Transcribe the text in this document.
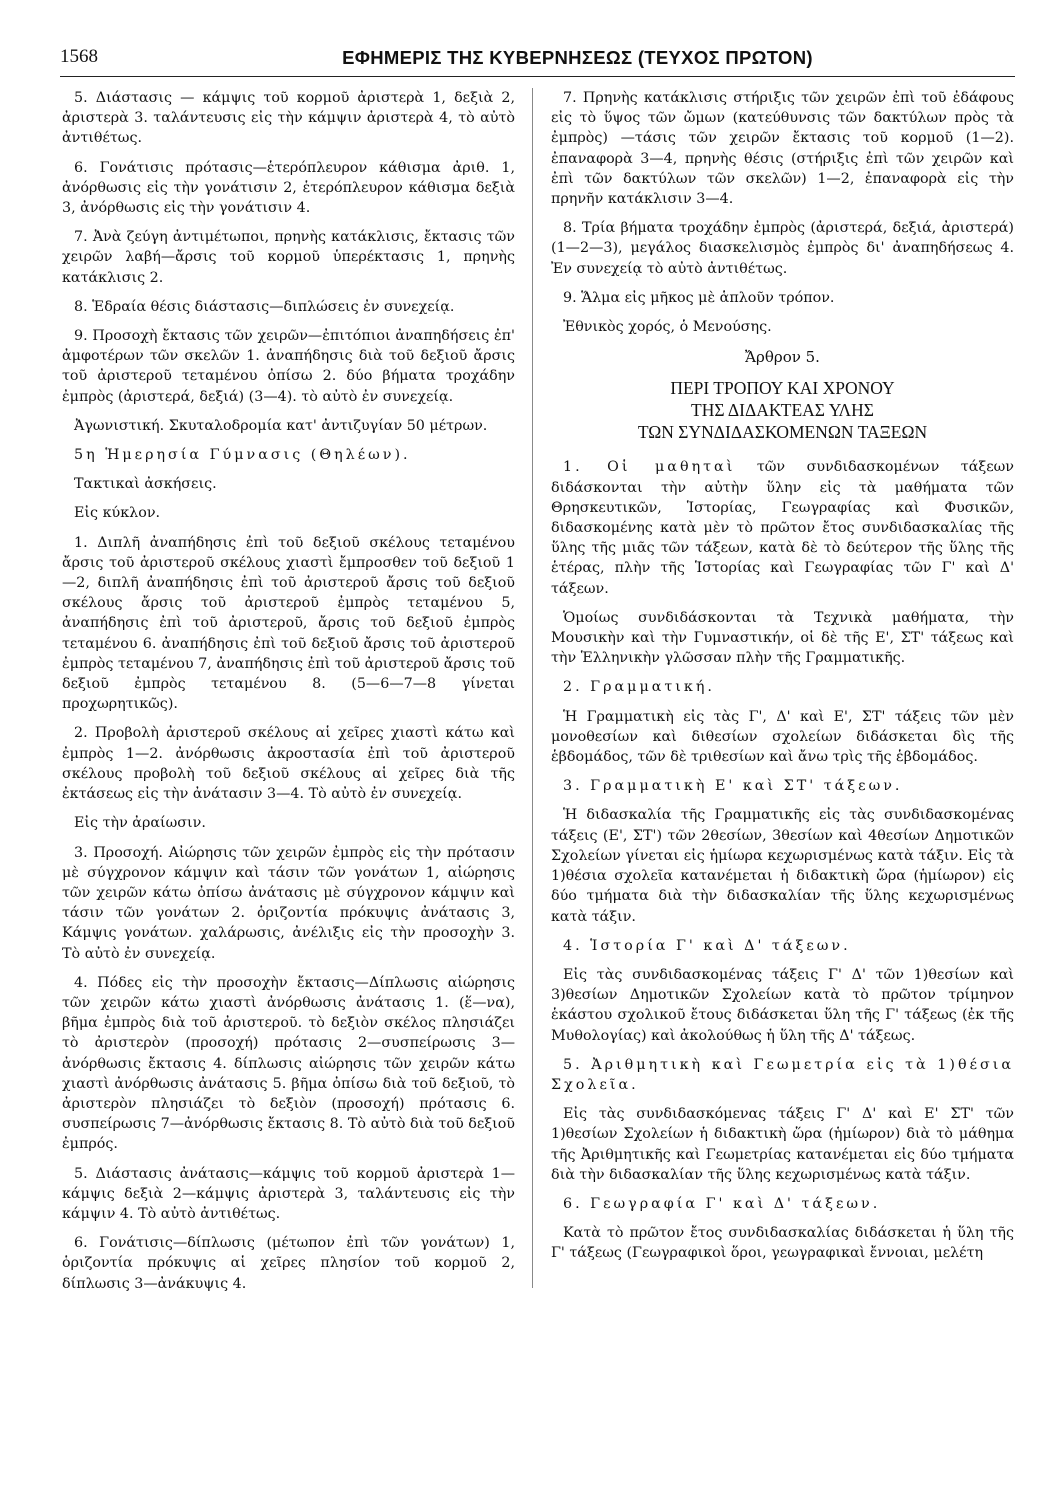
1568	ΕΦΗΜΕΡΙΣ ΤΗΣ ΚΥΒΕΡΝΗΣΕΩΣ (ΤΕΥΧΟΣ ΠΡΩΤΟΝ)

5. Διάστασις — κάμψις τοῦ κορμοῦ ἀριστερὰ 1, δεξιὰ 2, ἀριστερὰ 3. ταλάντευσις εἰς τὴν κάμψιν ἀριστερὰ 4, τὸ αὐτὸ ἀντιθέτως.

6. Γονάτισις πρότασις—ἑτερόπλευρον κάθισμα ἀριθ. 1, ἀνόρθωσις εἰς τὴν γονάτισιν 2, ἑτερόπλευρον κάθισμα δεξιὰ 3, ἀνόρθωσις εἰς τὴν γονάτισιν 4.

7. Ἀνὰ ζεύγη ἀντιμέτωποι, πρηνὴς κατάκλισις, ἔκτασις τῶν χειρῶν λαβή—ἄρσις τοῦ κορμοῦ ὑπερέκτασις 1, πρηνὴς κατάκλισις 2.

8. Ἑδραία θέσις διάστασις—διπλώσεις ἐν συνεχείᾳ.

9. Προσοχὴ ἔκτασις τῶν χειρῶν—ἐπιτόπιοι ἀναπηδήσεις ἐπ' ἀμφοτέρων τῶν σκελῶν 1. ἀναπήδησις διὰ τοῦ δεξιοῦ ἄρσις τοῦ ἀριστεροῦ τεταμένου ὀπίσω 2. δύο βήματα τροχάδην ἐμπρὸς (ἀριστερά, δεξιά) (3—4). τὸ αὐτὸ ἐν συνεχείᾳ.

Ἀγωνιστική. Σκυταλοδρομία κατ' ἀντιζυγίαν 50 μέτρων.

5η Ἡμερησία Γύμνασις (Θηλέων).

Τακτικαὶ ἀσκήσεις.

Εἰς κύκλον.

1. Διπλῆ ἀναπήδησις ἐπὶ τοῦ δεξιοῦ σκέλους τεταμένου ἄρσις τοῦ ἀριστεροῦ σκέλους χιαστὶ ἔμπροσθεν τοῦ δεξιοῦ 1—2, διπλῆ ἀναπήδησις ἐπὶ τοῦ ἀριστεροῦ ἄρσις τοῦ δεξιοῦ σκέλους ἄρσις τοῦ ἀριστεροῦ ἐμπρὸς τεταμένου 5, ἀναπήδησις ἐπὶ τοῦ ἀριστεροῦ, ἄρσις τοῦ δεξιοῦ ἐμπρὸς τεταμένου 6. ἀναπήδησις ἐπὶ τοῦ δεξιοῦ ἄρσις τοῦ ἀριστεροῦ ἐμπρὸς τεταμένου 7, ἀναπήδησις ἐπὶ τοῦ ἀριστεροῦ ἄρσις τοῦ δεξιοῦ ἐμπρὸς τεταμένου 8. (5—6—7—8 γίνεται προχωρητικῶς).

2. Προβολὴ ἀριστεροῦ σκέλους αἱ χεῖρες χιαστὶ κάτω καὶ ἐμπρὸς 1—2. ἀνόρθωσις ἀκροστασία ἐπὶ τοῦ ἀριστεροῦ σκέλους προβολὴ τοῦ δεξιοῦ σκέλους αἱ χεῖρες διὰ τῆς ἐκτάσεως εἰς τὴν ἀνάτασιν 3—4. Τὸ αὐτὸ ἐν συνεχείᾳ.

Εἰς τὴν ἀραίωσιν.

3. Προσοχή. Αἰώρησις τῶν χειρῶν ἐμπρὸς εἰς τὴν πρότασιν μὲ σύγχρονον κάμψιν καὶ τάσιν τῶν γονάτων 1, αἰώρησις τῶν χειρῶν κάτω ὀπίσω ἀνάτασις μὲ σύγχρονον κάμψιν καὶ τάσιν τῶν γονάτων 2. ὁριζοντία πρόκυψις ἀνάτασις 3, Κάμψις γονάτων. χαλάρωσις, ἀνέλιξις εἰς τὴν προσοχὴν 3. Τὸ αὐτὸ ἐν συνεχείᾳ.

4. Πόδες εἰς τὴν προσοχὴν ἔκτασις—Δίπλωσις αἰώρησις τῶν χειρῶν κάτω χιαστὶ ἀνόρθωσις ἀνάτασις 1. (ἕ—να), βῆμα ἐμπρὸς διὰ τοῦ ἀριστεροῦ. τὸ δεξιὸν σκέλος πλησιάζει τὸ ἀριστερὸν (προσοχή) πρότασις 2—συσπείρωσις 3—ἀνόρθωσις ἔκτασις 4. δίπλωσις αἰώρησις τῶν χειρῶν κάτω χιαστὶ ἀνόρθωσις ἀνάτασις 5. βῆμα ὀπίσω διὰ τοῦ δεξιοῦ, τὸ ἀριστερὸν πλησιάζει τὸ δεξιὸν (προσοχή) πρότασις 6. συσπείρωσις 7—ἀνόρθωσις ἔκτασις 8. Τὸ αὐτὸ διὰ τοῦ δεξιοῦ ἐμπρός.

5. Διάστασις ἀνάτασις—κάμψις τοῦ κορμοῦ ἀριστερὰ 1—κάμψις δεξιὰ 2—κάμψις ἀριστερὰ 3, ταλάντευσις εἰς τὴν κάμψιν 4. Τὸ αὐτὸ ἀντιθέτως.

6. Γονάτισις—δίπλωσις (μέτωπον ἐπὶ τῶν γονάτων) 1, ὁριζοντία πρόκυψις αἱ χεῖρες πλησίον τοῦ κορμοῦ 2, δίπλωσις 3—ἀνάκυψις 4.

7. Πρηνὴς κατάκλισις στήριξις τῶν χειρῶν ἐπὶ τοῦ ἐδάφους εἰς τὸ ὕψος τῶν ὤμων (κατεύθυνσις τῶν δακτύλων πρὸς τὰ ἐμπρὸς) —τάσις τῶν χειρῶν ἔκτασις τοῦ κορμοῦ (1—2). ἐπαναφορὰ 3—4, πρηνὴς θέσις (στήριξις ἐπὶ τῶν χειρῶν καὶ ἐπὶ τῶν δακτύλων τῶν σκελῶν) 1—2, ἐπαναφορὰ εἰς τὴν πρηνῆν κατάκλισιν 3—4.

8. Τρία βήματα τροχάδην ἐμπρὸς (ἀριστερά, δεξιά, ἀριστερά) (1—2—3), μεγάλος διασκελισμὸς ἐμπρὸς δι' ἀναπηδήσεως 4. Ἐν συνεχείᾳ τὸ αὐτὸ ἀντιθέτως.

9. Ἅλμα εἰς μῆκος μὲ ἁπλοῦν τρόπον.

Ἐθνικὸς χορός, ὁ Μενούσης.

Ἄρθρον 5.
ΠΕΡΙ ΤΡΟΠΟΥ ΚΑΙ ΧΡΟΝΟΥ
ΤΗΣ ΔΙΔΑΚΤΕΑΣ ΥΛΗΣ
ΤΩΝ ΣΥΝΔΙΔΑΣΚΟΜΕΝΩΝ ΤΑΞΕΩΝ

1. Οἱ μαθηταὶ τῶν συνδιδασκομένων τάξεων διδάσκονται τὴν αὐτὴν ὕλην εἰς τὰ μαθήματα τῶν Θρησκευτικῶν, Ἱστορίας, Γεωγραφίας καὶ Φυσικῶν, διδασκομένης κατὰ μὲν τὸ πρῶτον ἔτος συνδιδασκαλίας τῆς ὕλης τῆς μιᾶς τῶν τάξεων, κατὰ δὲ τὸ δεύτερον τῆς ὕλης τῆς ἑτέρας, πλὴν τῆς Ἱστορίας καὶ Γεωγραφίας τῶν Γ' καὶ Δ' τάξεων.

Ὁμοίως συνδιδάσκονται τὰ Τεχνικὰ μαθήματα, τὴν Μουσικὴν καὶ τὴν Γυμναστικήν, οἱ δὲ τῆς Ε', ΣΤ' τάξεως καὶ τὴν Ἑλληνικὴν γλῶσσαν πλὴν τῆς Γραμματικῆς.

2. Γραμματική.

Ἡ Γραμματικὴ εἰς τὰς Γ', Δ' καὶ Ε', ΣΤ' τάξεις τῶν μὲν μονοθεσίων καὶ διθεσίων σχολείων διδάσκεται δὶς τῆς ἑβδομάδος, τῶν δὲ τριθεσίων καὶ ἄνω τρὶς τῆς ἑβδομάδος.

3. Γραμματικὴ Ε' καὶ ΣΤ' τάξεων.

Ἡ διδασκαλία τῆς Γραμματικῆς εἰς τὰς συνδιδασκομένας τάξεις (Ε', ΣΤ') τῶν 2θεσίων, 3θεσίων καὶ 4θεσίων Δημοτικῶν Σχολείων γίνεται εἰς ἡμίωρα κεχωρισμένως κατὰ τάξιν. Εἰς τὰ 1)θέσια σχολεῖα κατανέμεται ἡ διδακτικὴ ὥρα (ἡμίωρον) εἰς δύο τμήματα διὰ τὴν διδασκαλίαν τῆς ὕλης κεχωρισμένως κατὰ τάξιν.

4. Ἱστορία Γ' καὶ Δ' τάξεων.

Εἰς τὰς συνδιδασκομένας τάξεις Γ' Δ' τῶν 1)θεσίων καὶ 3)θεσίων Δημοτικῶν Σχολείων κατὰ τὸ πρῶτον τρίμηνον ἑκάστου σχολικοῦ ἔτους διδάσκεται ὕλη τῆς Γ' τάξεως (ἐκ τῆς Μυθολογίας) καὶ ἀκολούθως ἡ ὕλη τῆς Δ' τάξεως.

5. Ἀριθμητικὴ καὶ Γεωμετρία εἰς τὰ 1)θέσια Σχολεῖα.

Εἰς τὰς συνδιδασκόμενας τάξεις Γ' Δ' καὶ Ε' ΣΤ' τῶν 1)θεσίων Σχολείων ἡ διδακτικὴ ὥρα (ἡμίωρον) διὰ τὸ μάθημα τῆς Ἀριθμητικῆς καὶ Γεωμετρίας κατανέμεται εἰς δύο τμήματα διὰ τὴν διδασκαλίαν τῆς ὕλης κεχωρισμένως κατὰ τάξιν.

6. Γεωγραφία Γ' καὶ Δ' τάξεων.

Κατὰ τὸ πρῶτον ἔτος συνδιδασκαλίας διδάσκεται ἡ ὕλη τῆς Γ' τάξεως (Γεωγραφικοὶ ὅροι, γεωγραφικαὶ ἔννοιαι, μελέτη
